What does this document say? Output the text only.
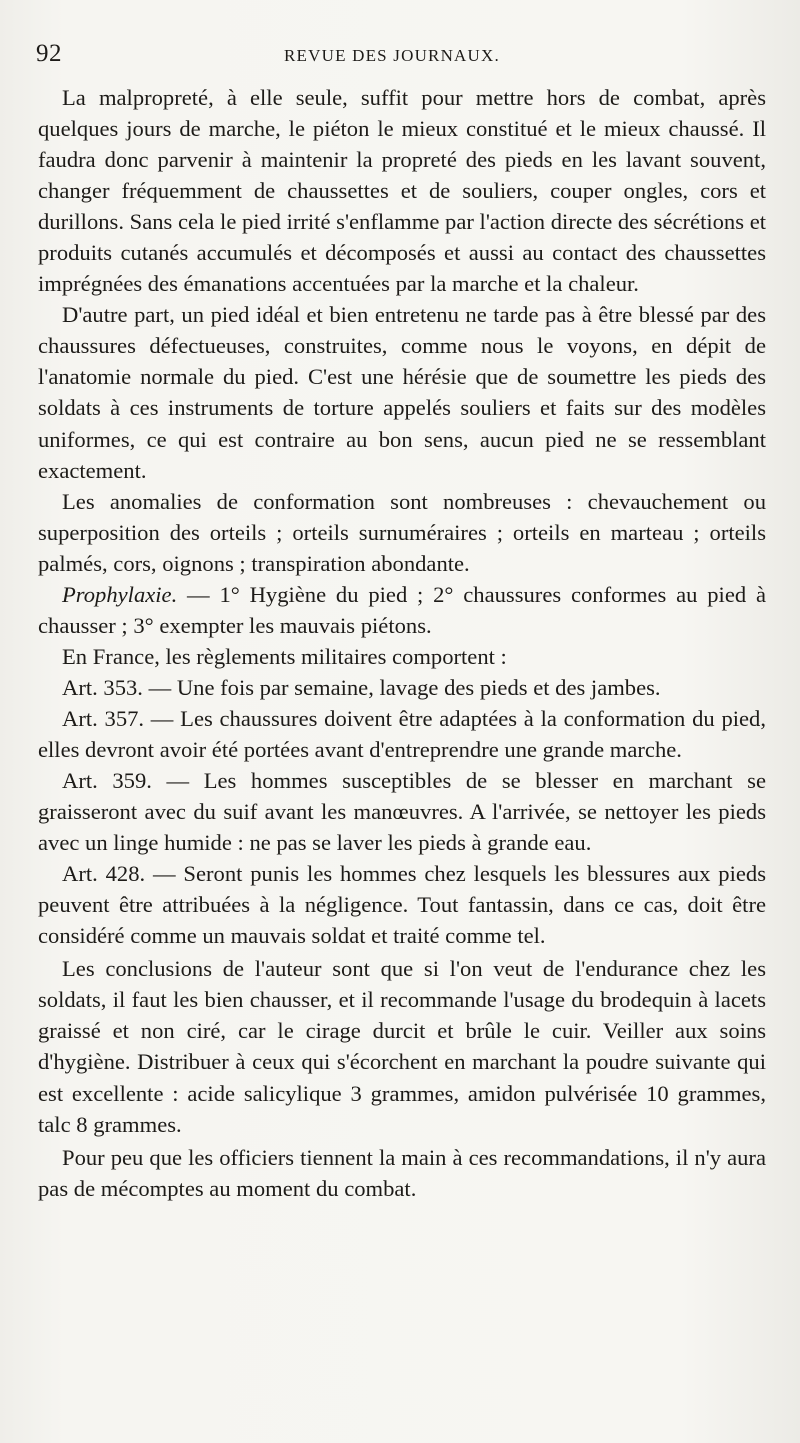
92	REVUE DES JOURNAUX.

La malpropreté, à elle seule, suffit pour mettre hors de combat, après quelques jours de marche, le piéton le mieux constitué et le mieux chaussé. Il faudra donc parvenir à maintenir la propreté des pieds en les lavant souvent, changer fréquemment de chaussettes et de souliers, couper ongles, cors et durillons. Sans cela le pied irrité s'enflamme par l'action directe des sécrétions et produits cutanés accumulés et décomposés et aussi au contact des chaussettes imprégnées des émanations accentuées par la marche et la chaleur.

D'autre part, un pied idéal et bien entretenu ne tarde pas à être blessé par des chaussures défectueuses, construites, comme nous le voyons, en dépit de l'anatomie normale du pied. C'est une hérésie que de soumettre les pieds des soldats à ces instruments de torture appelés souliers et faits sur des modèles uniformes, ce qui est contraire au bon sens, aucun pied ne se ressemblant exactement.

Les anomalies de conformation sont nombreuses : chevauchement ou superposition des orteils ; orteils surnuméraires ; orteils en marteau ; orteils palmés, cors, oignons ; transpiration abondante.

Prophylaxie. — 1° Hygiène du pied ; 2° chaussures conformes au pied à chausser ; 3° exempter les mauvais piétons.

En France, les règlements militaires comportent :

Art. 353. — Une fois par semaine, lavage des pieds et des jambes.

Art. 357. — Les chaussures doivent être adaptées à la conformation du pied, elles devront avoir été portées avant d'entreprendre une grande marche.

Art. 359. — Les hommes susceptibles de se blesser en marchant se graisseront avec du suif avant les manœuvres. A l'arrivée, se nettoyer les pieds avec un linge humide : ne pas se laver les pieds à grande eau.

Art. 428. — Seront punis les hommes chez lesquels les blessures aux pieds peuvent être attribuées à la négligence. Tout fantassin, dans ce cas, doit être considéré comme un mauvais soldat et traité comme tel.

Les conclusions de l'auteur sont que si l'on veut de l'endurance chez les soldats, il faut les bien chausser, et il recommande l'usage du brodequin à lacets graissé et non ciré, car le cirage durcit et brûle le cuir. Veiller aux soins d'hygiène. Distribuer à ceux qui s'écorchent en marchant la poudre suivante qui est excellente : acide salicylique 3 grammes, amidon pulvérisée 10 grammes, talc 8 grammes.

Pour peu que les officiers tiennent la main à ces recommandations, il n'y aura pas de mécomptes au moment du combat.
